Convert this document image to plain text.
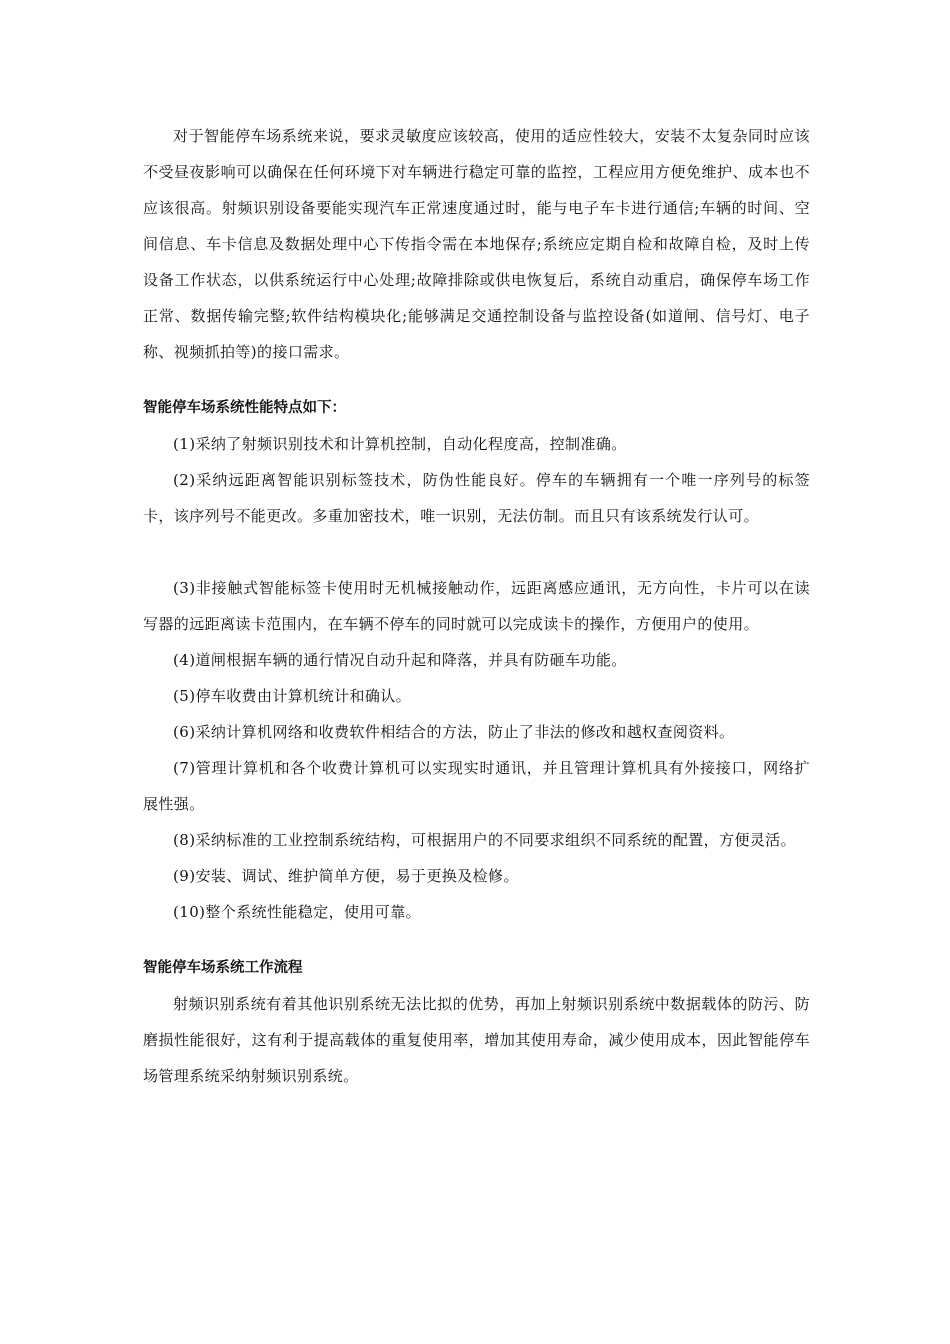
对于智能停车场系统来说，要求灵敏度应该较高，使用的适应性较大，安装不太复杂同时应该不受昼夜影响可以确保在任何环境下对车辆进行稳定可靠的监控，工程应用方便免维护、成本也不应该很高。射频识别设备要能实现汽车正常速度通过时，能与电子车卡进行通信;车辆的时间、空间信息、车卡信息及数据处理中心下传指令需在本地保存;系统应定期自检和故障自检，及时上传设备工作状态，以供系统运行中心处理;故障排除或供电恢复后，系统自动重启，确保停车场工作正常、数据传输完整;软件结构模块化;能够满足交通控制设备与监控设备(如道闸、信号灯、电子称、视频抓拍等)的接口需求。

智能停车场系统性能特点如下：

(1)采纳了射频识别技术和计算机控制，自动化程度高，控制准确。

(2)采纳远距离智能识别标签技术，防伪性能良好。停车的车辆拥有一个唯一序列号的标签卡，该序列号不能更改。多重加密技术，唯一识别，无法仿制。而且只有该系统发行认可。

(3)非接触式智能标签卡使用时无机械接触动作，远距离感应通讯，无方向性，卡片可以在读写器的远距离读卡范围内，在车辆不停车的同时就可以完成读卡的操作，方便用户的使用。

(4)道闸根据车辆的通行情况自动升起和降落，并具有防砸车功能。

(5)停车收费由计算机统计和确认。

(6)采纳计算机网络和收费软件相结合的方法，防止了非法的修改和越权查阅资料。

(7)管理计算机和各个收费计算机可以实现实时通讯，并且管理计算机具有外接接口，网络扩展性强。

(8)采纳标准的工业控制系统结构，可根据用户的不同要求组织不同系统的配置，方便灵活。

(9)安装、调试、维护简单方便，易于更换及检修。

(10)整个系统性能稳定，使用可靠。

智能停车场系统工作流程

射频识别系统有着其他识别系统无法比拟的优势，再加上射频识别系统中数据载体的防污、防磨损性能很好，这有利于提高载体的重复使用率，增加其使用寿命，减少使用成本，因此智能停车场管理系统采纳射频识别系统。
